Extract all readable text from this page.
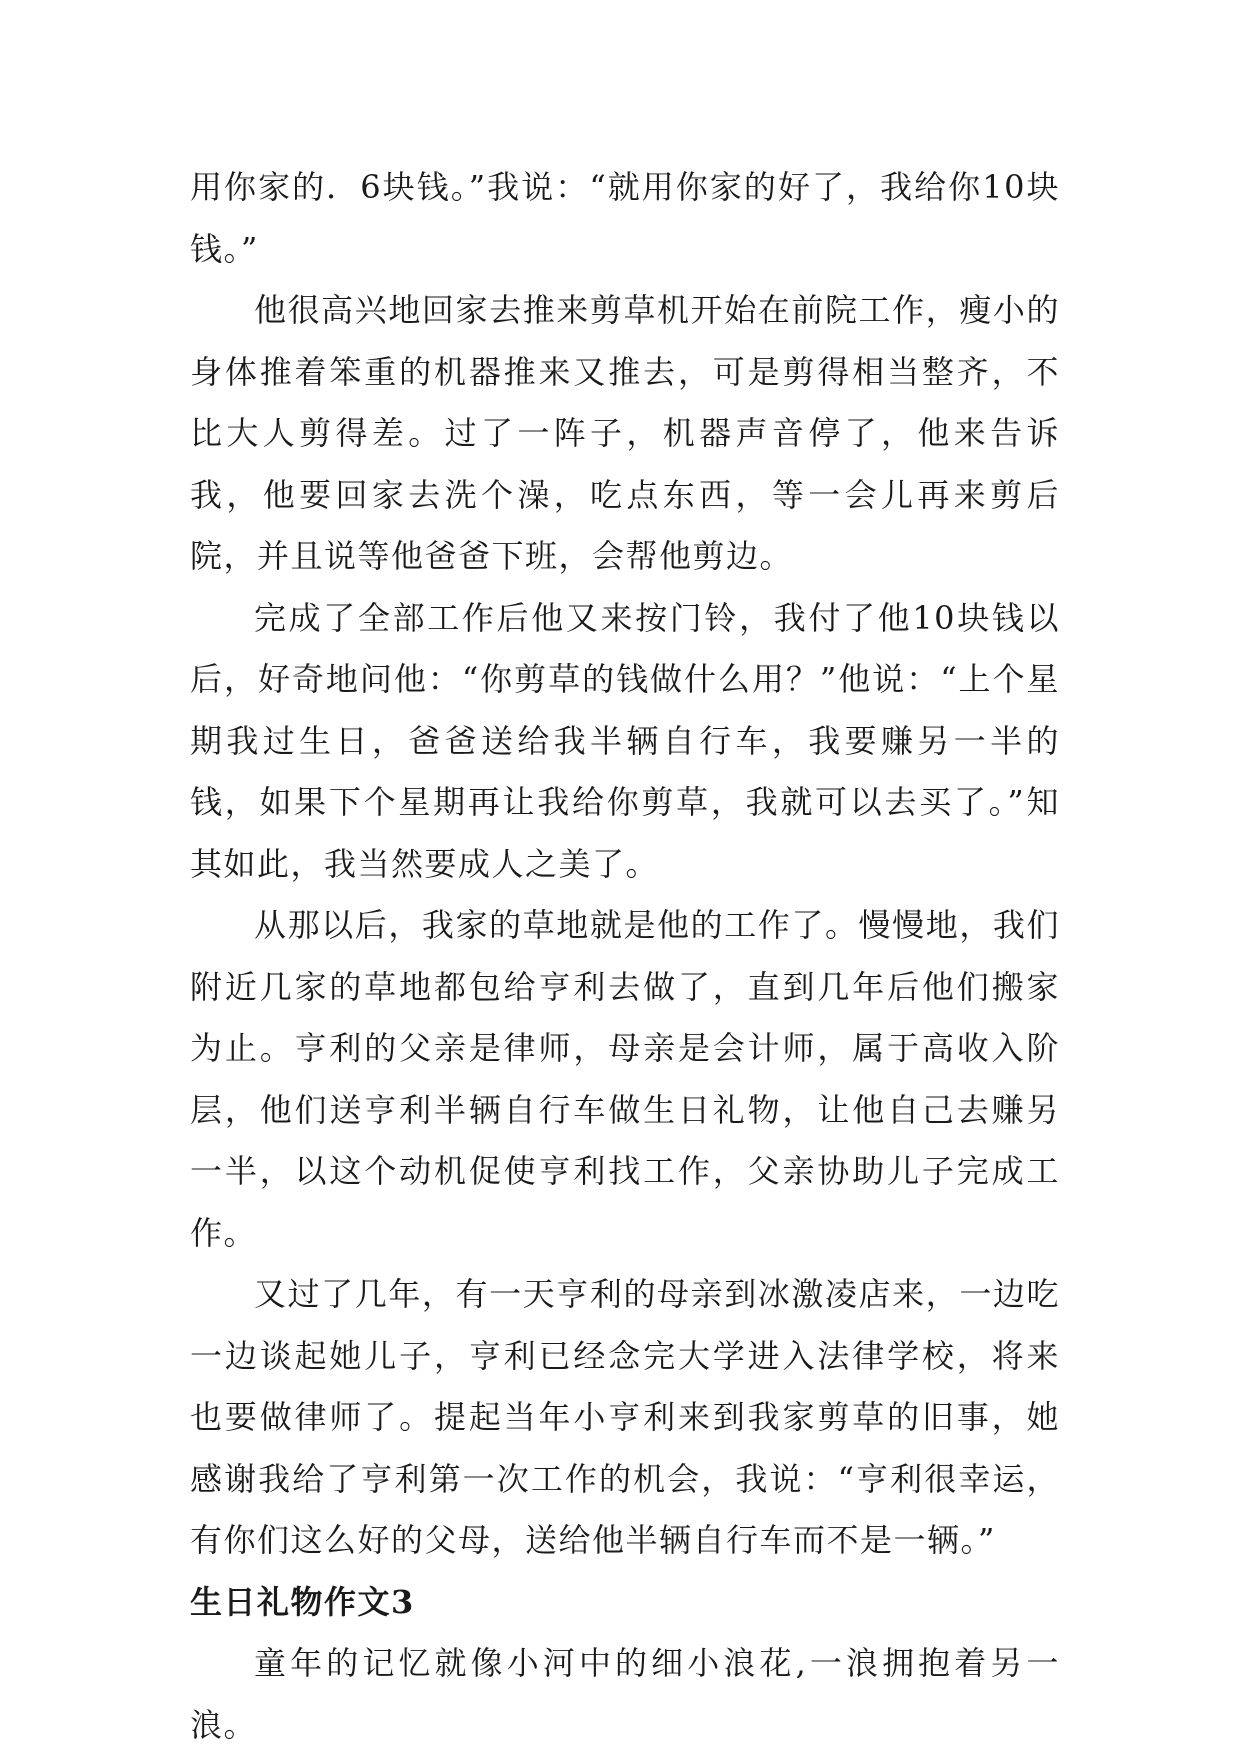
用你家的．6块钱。”我说：“就用你家的好了，我给你10块钱。”

他很高兴地回家去推来剪草机开始在前院工作，瘦小的身体推着笨重的机器推来又推去，可是剪得相当整齐，不比大人剪得差。过了一阵子，机器声音停了，他来告诉我，他要回家去洗个澡，吃点东西，等一会儿再来剪后院，并且说等他爸爸下班，会帮他剪边。

完成了全部工作后他又来按门铃，我付了他10块钱以后，好奇地问他：“你剪草的钱做什么用？”他说：“上个星期我过生日，爸爸送给我半辆自行车，我要赚另一半的钱，如果下个星期再让我给你剪草，我就可以去买了。”知其如此，我当然要成人之美了。

从那以后，我家的草地就是他的工作了。慢慢地，我们附近几家的草地都包给亨利去做了，直到几年后他们搬家为止。亨利的父亲是律师，母亲是会计师，属于高收入阶层，他们送亨利半辆自行车做生日礼物，让他自己去赚另一半，以这个动机促使亨利找工作，父亲协助儿子完成工作。

又过了几年，有一天亨利的母亲到冰激凌店来，一边吃一边谈起她儿子，亨利已经念完大学进入法律学校，将来也要做律师了。提起当年小亨利来到我家剪草的旧事，她感谢我给了亨利第一次工作的机会，我说：“亨利很幸运，有你们这么好的父母，送给他半辆自行车而不是一辆。”

生日礼物作文3

童年的记忆就像小河中的细小浪花,一浪拥抱着另一浪。
